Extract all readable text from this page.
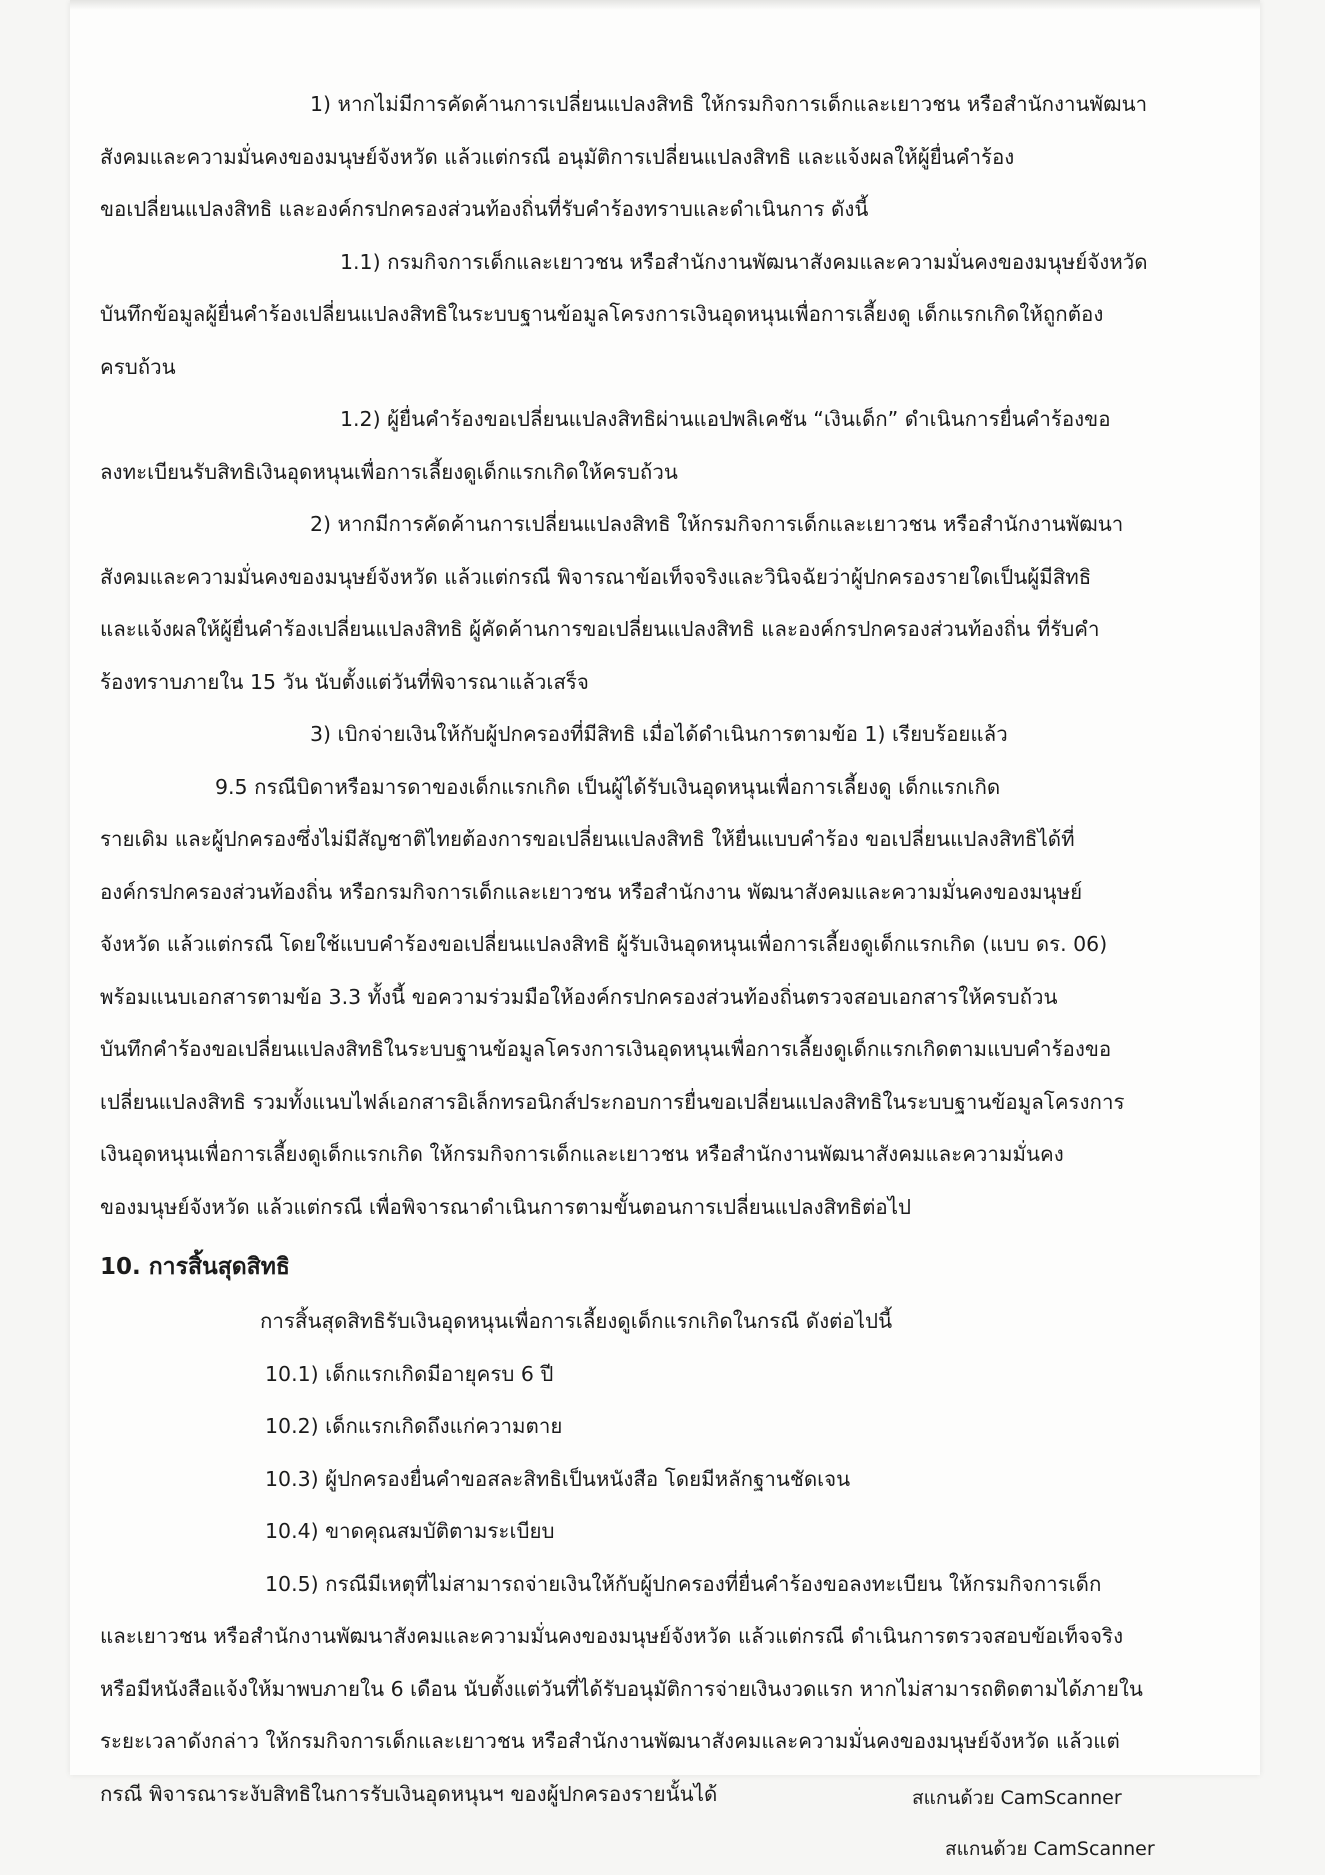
1) หากไม่มีการคัดค้านการเปลี่ยนแปลงสิทธิ ให้กรมกิจการเด็กและเยาวชน หรือสำนักงานพัฒนา

สังคมและความมั่นคงของมนุษย์จังหวัด แล้วแต่กรณี อนุมัติการเปลี่ยนแปลงสิทธิ และแจ้งผลให้ผู้ยื่นคำร้อง

ขอเปลี่ยนแปลงสิทธิ และองค์กรปกครองส่วนท้องถิ่นที่รับคำร้องทราบและดำเนินการ ดังนี้

1.1) กรมกิจการเด็กและเยาวชน หรือสำนักงานพัฒนาสังคมและความมั่นคงของมนุษย์จังหวัด

บันทึกข้อมูลผู้ยื่นคำร้องเปลี่ยนแปลงสิทธิในระบบฐานข้อมูลโครงการเงินอุดหนุนเพื่อการเลี้ยงดู เด็กแรกเกิดให้ถูกต้อง

ครบถ้วน

1.2) ผู้ยื่นคำร้องขอเปลี่ยนแปลงสิทธิผ่านแอปพลิเคชัน “เงินเด็ก” ดำเนินการยื่นคำร้องขอ

ลงทะเบียนรับสิทธิเงินอุดหนุนเพื่อการเลี้ยงดูเด็กแรกเกิดให้ครบถ้วน

2) หากมีการคัดค้านการเปลี่ยนแปลงสิทธิ ให้กรมกิจการเด็กและเยาวชน หรือสำนักงานพัฒนา

สังคมและความมั่นคงของมนุษย์จังหวัด แล้วแต่กรณี พิจารณาข้อเท็จจริงและวินิจฉัยว่าผู้ปกครองรายใดเป็นผู้มีสิทธิ

และแจ้งผลให้ผู้ยื่นคำร้องเปลี่ยนแปลงสิทธิ ผู้คัดค้านการขอเปลี่ยนแปลงสิทธิ และองค์กรปกครองส่วนท้องถิ่น ที่รับคำ

ร้องทราบภายใน 15 วัน นับตั้งแต่วันที่พิจารณาแล้วเสร็จ

3) เบิกจ่ายเงินให้กับผู้ปกครองที่มีสิทธิ เมื่อได้ดำเนินการตามข้อ 1) เรียบร้อยแล้ว

9.5 กรณีบิดาหรือมารดาของเด็กแรกเกิด เป็นผู้ได้รับเงินอุดหนุนเพื่อการเลี้ยงดู เด็กแรกเกิด

รายเดิม และผู้ปกครองซึ่งไม่มีสัญชาติไทยต้องการขอเปลี่ยนแปลงสิทธิ ให้ยื่นแบบคำร้อง ขอเปลี่ยนแปลงสิทธิได้ที่

องค์กรปกครองส่วนท้องถิ่น หรือกรมกิจการเด็กและเยาวชน หรือสำนักงาน พัฒนาสังคมและความมั่นคงของมนุษย์

จังหวัด แล้วแต่กรณี โดยใช้แบบคำร้องขอเปลี่ยนแปลงสิทธิ ผู้รับเงินอุดหนุนเพื่อการเลี้ยงดูเด็กแรกเกิด (แบบ ดร. 06)

พร้อมแนบเอกสารตามข้อ 3.3 ทั้งนี้ ขอความร่วมมือให้องค์กรปกครองส่วนท้องถิ่นตรวจสอบเอกสารให้ครบถ้วน

บันทึกคำร้องขอเปลี่ยนแปลงสิทธิในระบบฐานข้อมูลโครงการเงินอุดหนุนเพื่อการเลี้ยงดูเด็กแรกเกิดตามแบบคำร้องขอ

เปลี่ยนแปลงสิทธิ รวมทั้งแนบไฟล์เอกสารอิเล็กทรอนิกส์ประกอบการยื่นขอเปลี่ยนแปลงสิทธิในระบบฐานข้อมูลโครงการ

เงินอุดหนุนเพื่อการเลี้ยงดูเด็กแรกเกิด ให้กรมกิจการเด็กและเยาวชน หรือสำนักงานพัฒนาสังคมและความมั่นคง

ของมนุษย์จังหวัด แล้วแต่กรณี เพื่อพิจารณาดำเนินการตามขั้นตอนการเปลี่ยนแปลงสิทธิต่อไป

10. การสิ้นสุดสิทธิ

การสิ้นสุดสิทธิรับเงินอุดหนุนเพื่อการเลี้ยงดูเด็กแรกเกิดในกรณี ดังต่อไปนี้

10.1) เด็กแรกเกิดมีอายุครบ 6 ปี

10.2) เด็กแรกเกิดถึงแก่ความตาย

10.3) ผู้ปกครองยื่นคำขอสละสิทธิเป็นหนังสือ โดยมีหลักฐานชัดเจน

10.4) ขาดคุณสมบัติตามระเบียบ

10.5) กรณีมีเหตุที่ไม่สามารถจ่ายเงินให้กับผู้ปกครองที่ยื่นคำร้องขอลงทะเบียน ให้กรมกิจการเด็ก

และเยาวชน หรือสำนักงานพัฒนาสังคมและความมั่นคงของมนุษย์จังหวัด แล้วแต่กรณี ดำเนินการตรวจสอบข้อเท็จจริง

หรือมีหนังสือแจ้งให้มาพบภายใน 6 เดือน นับตั้งแต่วันที่ได้รับอนุมัติการจ่ายเงินงวดแรก หากไม่สามารถติดตามได้ภายใน

ระยะเวลาดังกล่าว ให้กรมกิจการเด็กและเยาวชน หรือสำนักงานพัฒนาสังคมและความมั่นคงของมนุษย์จังหวัด แล้วแต่

กรณี พิจารณาระงับสิทธิในการรับเงินอุดหนุนฯ ของผู้ปกครองรายนั้นได้	สแกนด้วย CamScanner
สแกนด้วย CamScanner
